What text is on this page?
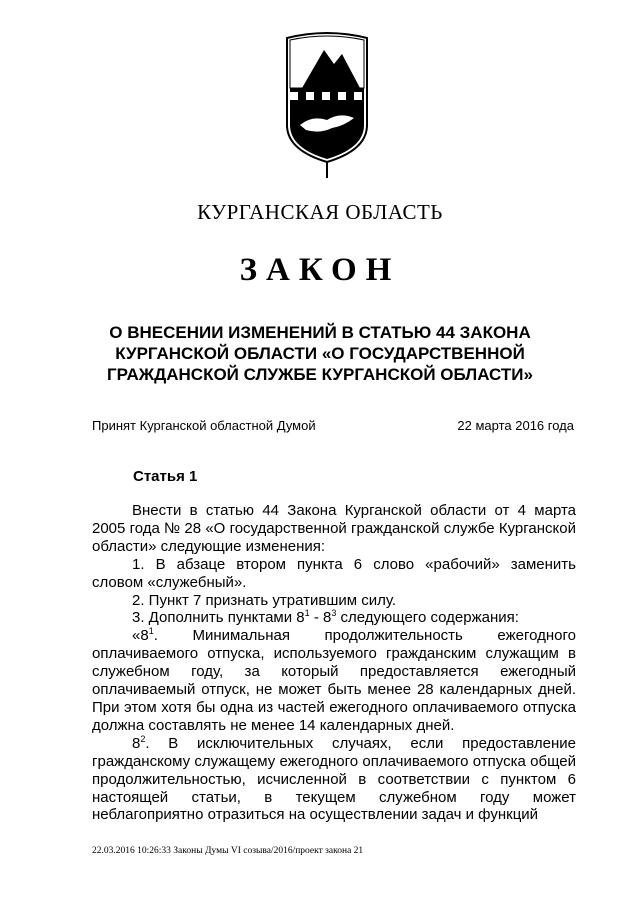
КУРГАНСКАЯ ОБЛАСТЬ
ЗАКОН
О ВНЕСЕНИИ ИЗМЕНЕНИЙ В СТАТЬЮ 44 ЗАКОНА
КУРГАНСКОЙ ОБЛАСТИ «О ГОСУДАРСТВЕННОЙ
ГРАЖДАНСКОЙ СЛУЖБЕ КУРГАНСКОЙ ОБЛАСТИ»
Принят Курганской областной Думой	22 марта 2016 года
Статья 1

Внести в статью 44 Закона Курганской области от 4 марта 2005 года № 28 «О государственной гражданской службе Курганской области» следующие изменения:

1. В абзаце втором пункта 6 слово «рабочий» заменить словом «служебный».

2. Пункт 7 признать утратившим силу.

3. Дополнить пунктами $8^1 - 8^3$ следующего содержания:

«$8^1$. Минимальная продолжительность ежегодного оплачиваемого отпуска, используемого гражданским служащим в служебном году, за который предоставляется ежегодный оплачиваемый отпуск, не может быть менее 28 календарных дней. При этом хотя бы одна из частей ежегодного оплачиваемого отпуска должна составлять не менее 14 календарных дней.

$8^2$. В исключительных случаях, если предоставление гражданскому служащему ежегодного оплачиваемого отпуска общей продолжительностью, исчисленной в соответствии с пунктом 6 настоящей статьи, в текущем служебном году может неблагоприятно отразиться на осуществлении задач и функций

22.03.2016 10:26:33 Законы Думы VI созыва/2016/проект закона 21
